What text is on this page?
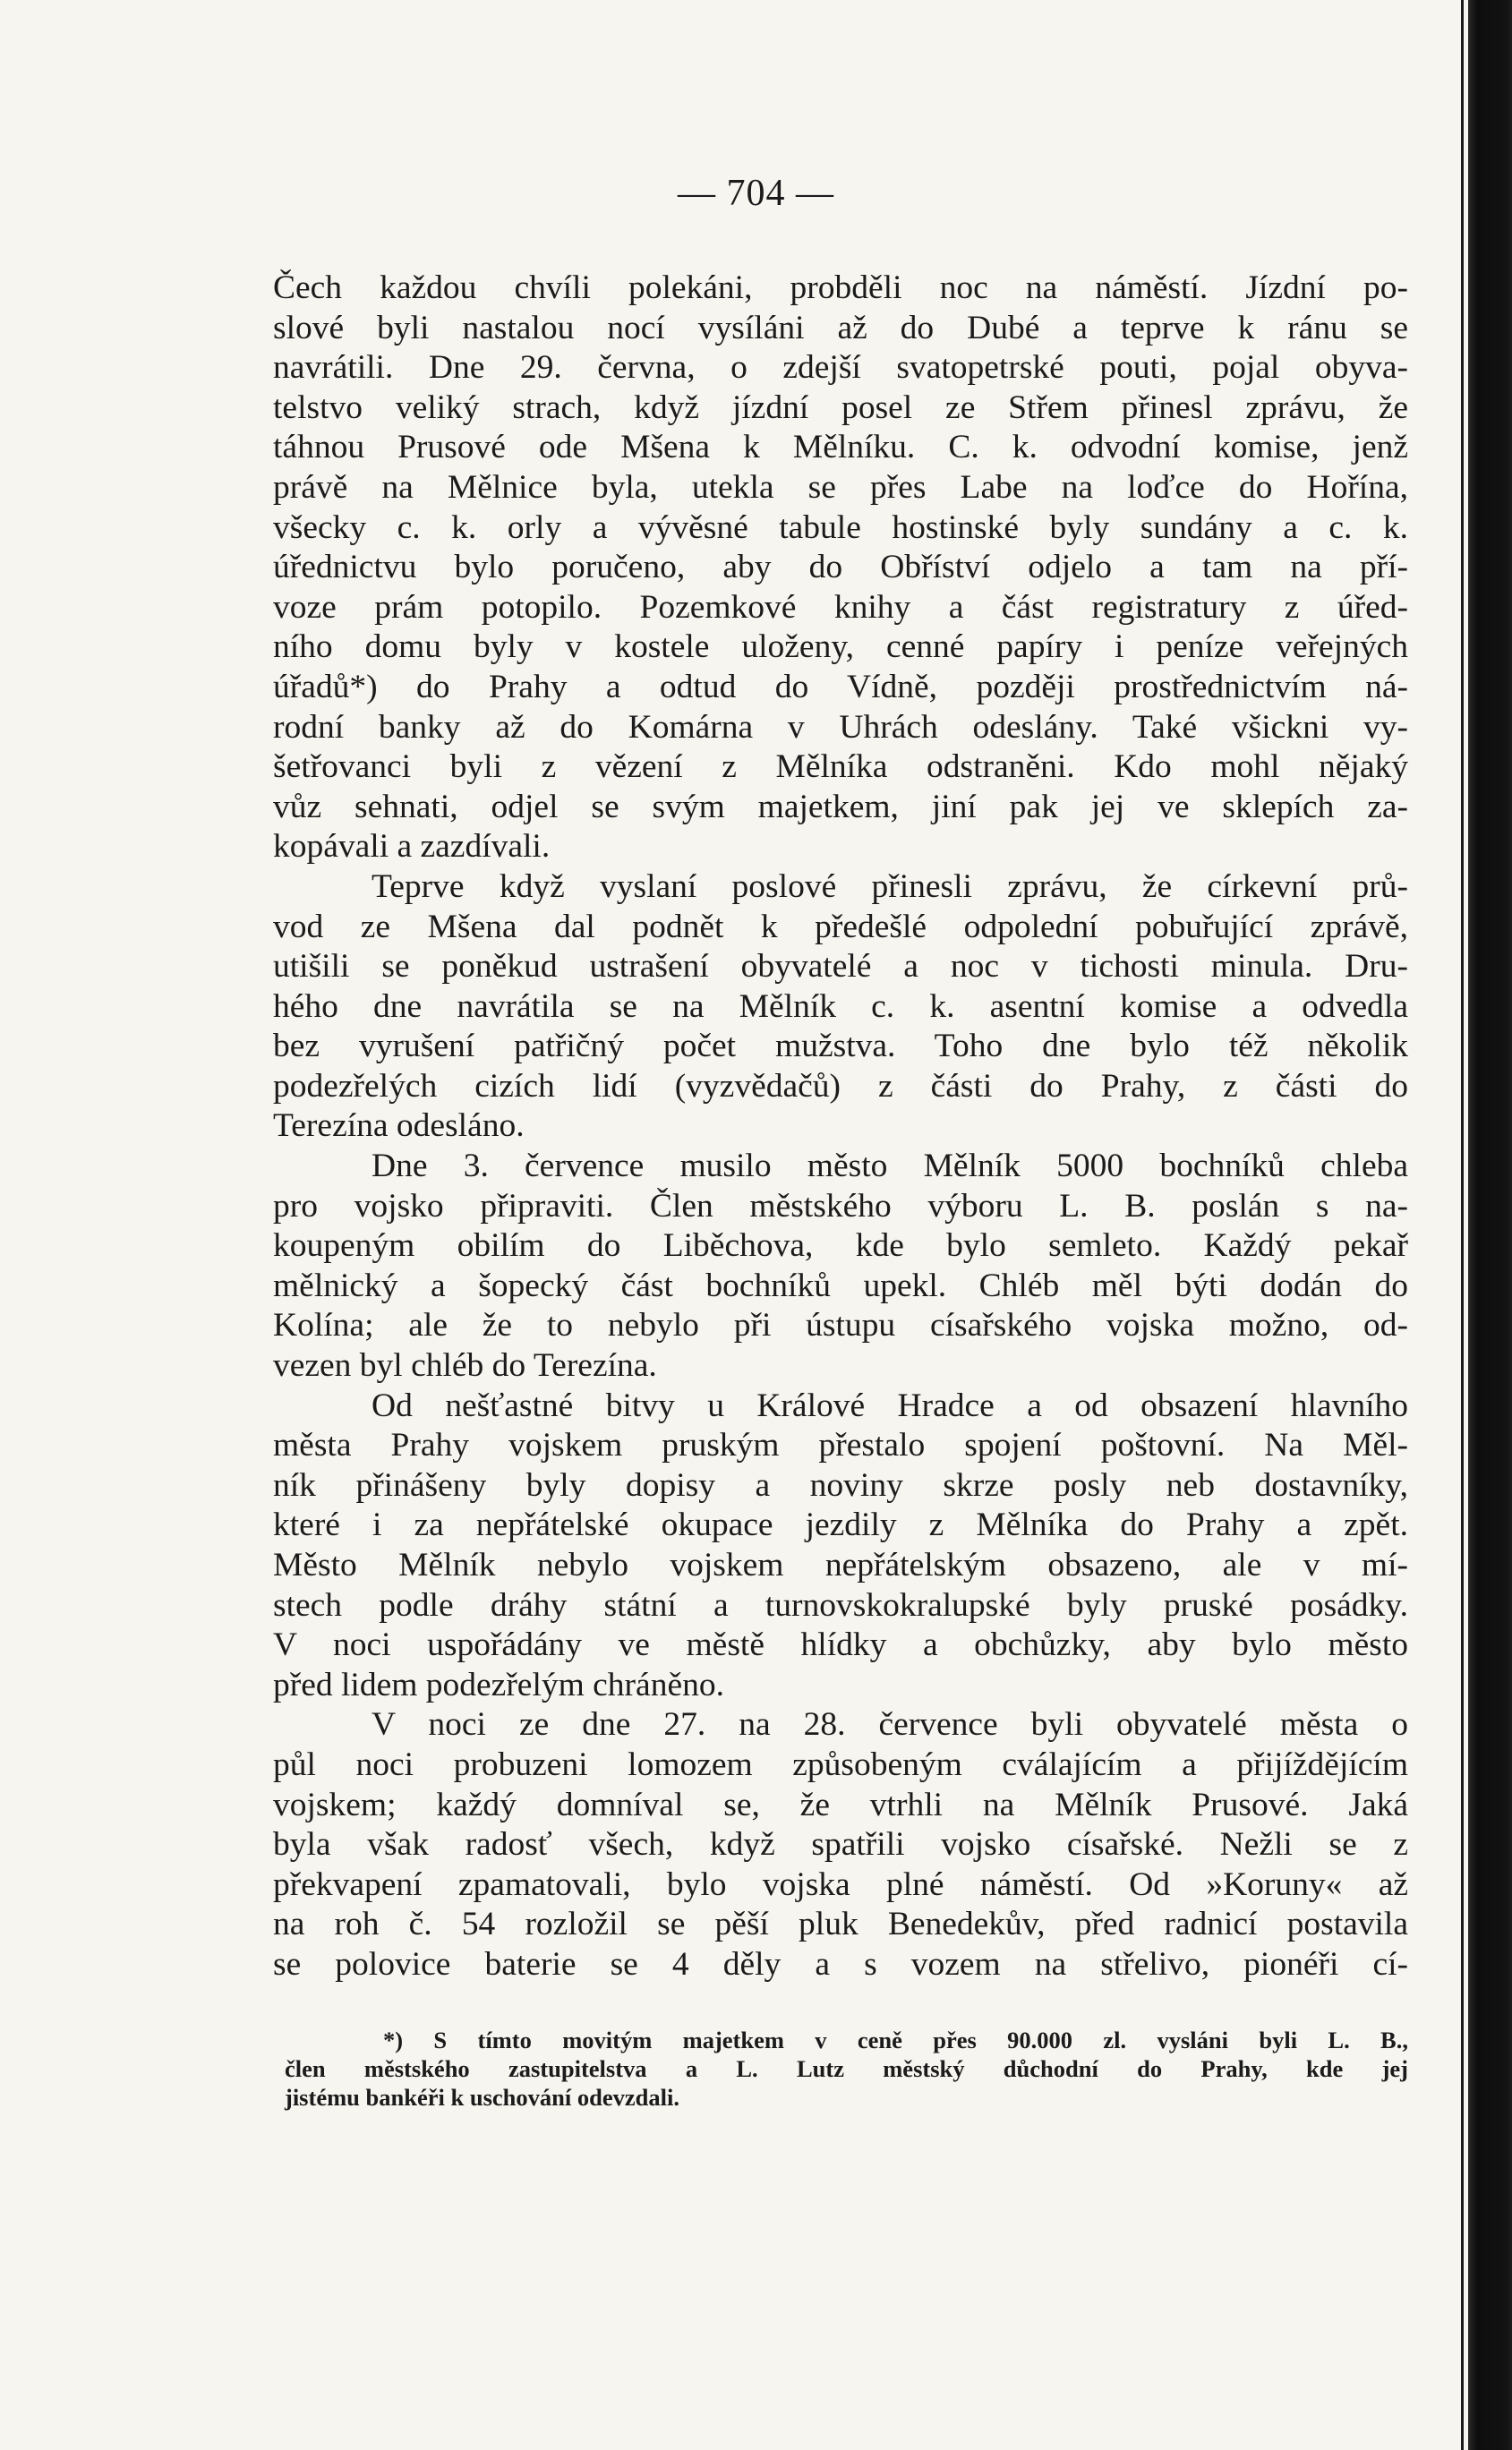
— 704 —

Čech každou chvíli polekáni, probděli noc na náměstí. Jízdní po-

slové byli nastalou nocí vysíláni až do Dubé a teprve k ránu se

navrátili. Dne 29. června, o zdejší svatopetrské pouti, pojal obyva-

telstvo veliký strach, když jízdní posel ze Střem přinesl zprávu, že

táhnou Prusové ode Mšena k Mělníku. C. k. odvodní komise, jenž

právě na Mělnice byla, utekla se přes Labe na loďce do Hořína,

všecky c. k. orly a vývěsné tabule hostinské byly sundány a c. k.

úřednictvu bylo poručeno, aby do Obříství odjelo a tam na pří-

voze prám potopilo. Pozemkové knihy a část registratury z úřed-

ního domu byly v kostele uloženy, cenné papíry i peníze veřejných

úřadů*) do Prahy a odtud do Vídně, později prostřednictvím ná-

rodní banky až do Komárna v Uhrách odeslány. Také všickni vy-

šetřovanci byli z vězení z Mělníka odstraněni. Kdo mohl nějaký

vůz sehnati, odjel se svým majetkem, jiní pak jej ve sklepích za-

kopávali a zazdívali.

Teprve když vyslaní poslové přinesli zprávu, že církevní prů-

vod ze Mšena dal podnět k předešlé odpolední pobuřující zprávě,

utišili se poněkud ustrašení obyvatelé a noc v tichosti minula. Dru-

hého dne navrátila se na Mělník c. k. asentní komise a odvedla

bez vyrušení patřičný počet mužstva. Toho dne bylo též několik

podezřelých cizích lidí (vyzvědačů) z části do Prahy, z části do

Terezína odesláno.

Dne 3. července musilo město Mělník 5000 bochníků chleba

pro vojsko připraviti. Člen městského výboru L. B. poslán s na-

koupeným obilím do Liběchova, kde bylo semleto. Každý pekař

mělnický a šopecký část bochníků upekl. Chléb měl býti dodán do

Kolína; ale že to nebylo při ústupu císařského vojska možno, od-

vezen byl chléb do Terezína.

Od nešťastné bitvy u Králové Hradce a od obsazení hlavního

města Prahy vojskem pruským přestalo spojení poštovní. Na Měl-

ník přinášeny byly dopisy a noviny skrze posly neb dostavníky,

které i za nepřátelské okupace jezdily z Mělníka do Prahy a zpět.

Město Mělník nebylo vojskem nepřátelským obsazeno, ale v mí-

stech podle dráhy státní a turnovskokralupské byly pruské posádky.

V noci uspořádány ve městě hlídky a obchůzky, aby bylo město

před lidem podezřelým chráněno.

V noci ze dne 27. na 28. července byli obyvatelé města o

půl noci probuzeni lomozem způsobeným cválajícím a přijíždějícím

vojskem; každý domníval se, že vtrhli na Mělník Prusové. Jaká

byla však radosť všech, když spatřili vojsko císařské. Nežli se z

překvapení zpamatovali, bylo vojska plné náměstí. Od »Koruny« až

na roh č. 54 rozložil se pěší pluk Benedekův, před radnicí postavila

se polovice baterie se 4 děly a s vozem na střelivo, pionéři cí-

*) S tímto movitým majetkem v ceně přes 90.000 zl. vysláni byli L. B.,

člen městského zastupitelstva a L. Lutz městský důchodní do Prahy, kde jej

jistému bankéři k uschování odevzdali.
